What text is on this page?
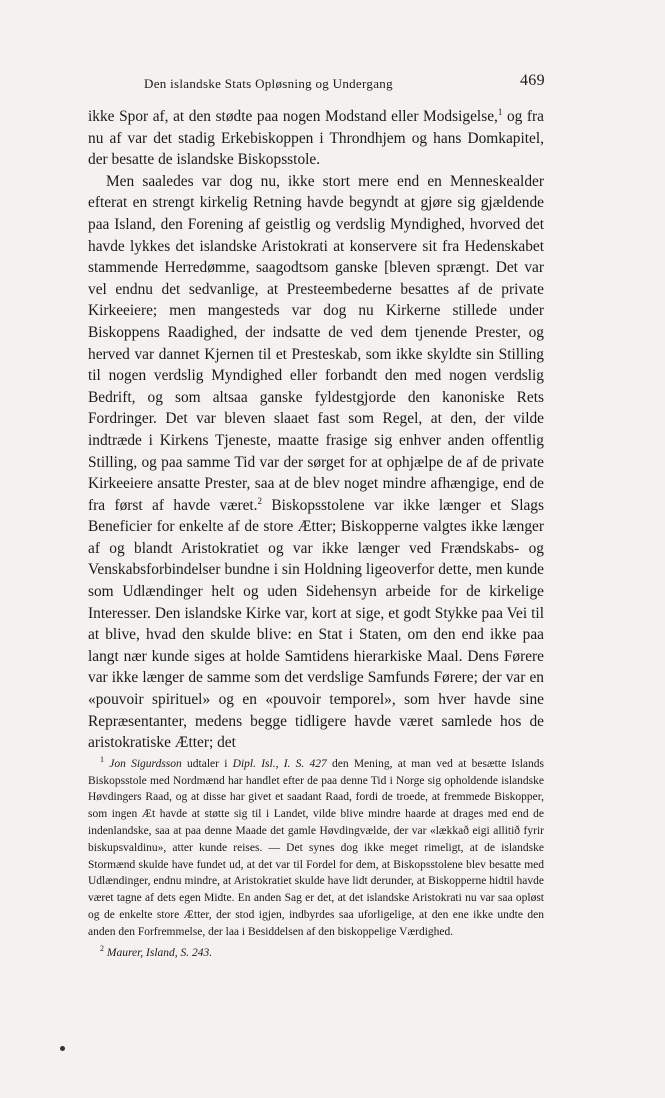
Den islandske Stats Opløsning og Undergang	469

ikke Spor af, at den stødte paa nogen Modstand eller Modsigelse,$^1$ og fra nu af var det stadig Erkebiskoppen i Throndhjem og hans Domkapitel, der besatte de islandske Biskopsstole.

Men saaledes var dog nu, ikke stort mere end en Menneskealder efterat en strengt kirkelig Retning havde begyndt at gjøre sig gjældende paa Island, den Forening af geistlig og verdslig Myndighed, hvorved det havde lykkes det islandske Aristokrati at konservere sit fra Hedenskabet stammende Herredømme, saagodtsom ganske [bleven sprængt. Det var vel endnu det sedvanlige, at Presteembederne besattes af de private Kirkeeiere; men mangesteds var dog nu Kirkerne stillede under Biskoppens Raadighed, der indsatte de ved dem tjenende Prester, og herved var dannet Kjernen til et Presteskab, som ikke skyldte sin Stilling til nogen verdslig Myndighed eller forbandt den med nogen verdslig Bedrift, og som altsaa ganske fyldestgjorde den kanoniske Rets Fordringer. Det var bleven slaaet fast som Regel, at den, der vilde indtræde i Kirkens Tjeneste, maatte frasige sig enhver anden offentlig Stilling, og paa samme Tid var der sørget for at ophjælpe de af de private Kirkeeiere ansatte Prester, saa at de blev noget mindre afhængige, end de fra først af havde været.$^2$ Biskopsstolene var ikke længer et Slags Beneficier for enkelte af de store Ætter; Biskopperne valgtes ikke længer af og blandt Aristokratiet og var ikke længer ved Frændskabs- og Venskabsforbindelser bundne i sin Holdning ligeoverfor dette, men kunde som Udlændinger helt og uden Sidehensyn arbeide for de kirkelige Interesser. Den islandske Kirke var, kort at sige, et godt Stykke paa Vei til at blive, hvad den skulde blive: en Stat i Staten, om den end ikke paa langt nær kunde siges at holde Samtidens hierarkiske Maal. Dens Førere var ikke længer de samme som det verdslige Samfunds Førere; der var en «pouvoir spirituel» og en «pouvoir temporel», som hver havde sine Repræsentanter, medens begge tidligere havde været samlede hos de aristokratiske Ætter; det

$^1$ Jon Sigurdsson udtaler i Dipl. Isl., I. S. 427 den Mening, at man ved at besætte Islands Biskopsstole med Nordmænd har handlet efter de paa denne Tid i Norge sig opholdende islandske Høvdingers Raad, og at disse har givet et saadant Raad, fordi de troede, at fremmede Biskopper, som ingen Æt havde at støtte sig til i Landet, vilde blive mindre haarde at drages med end de indenlandske, saa at paa denne Maade det gamle Høvdingvælde, der var «lækkað eigi allitið fyrir biskupsvaldinu», atter kunde reises. — Det synes dog ikke meget rimeligt, at de islandske Stormænd skulde have fundet ud, at det var til Fordel for dem, at Biskopsstolene blev besatte med Udlændinger, endnu mindre, at Aristokratiet skulde have lidt derunder, at Biskopperne hidtil havde været tagne af dets egen Midte. En anden Sag er det, at det islandske Aristokrati nu var saa opløst og de enkelte store Ætter, der stod igjen, indbyrdes saa uforligelige, at den ene ikke undte den anden den Forfremmelse, der laa i Besiddelsen af den biskoppelige Værdighed.

$^2$ Maurer, Island, S. 243.
